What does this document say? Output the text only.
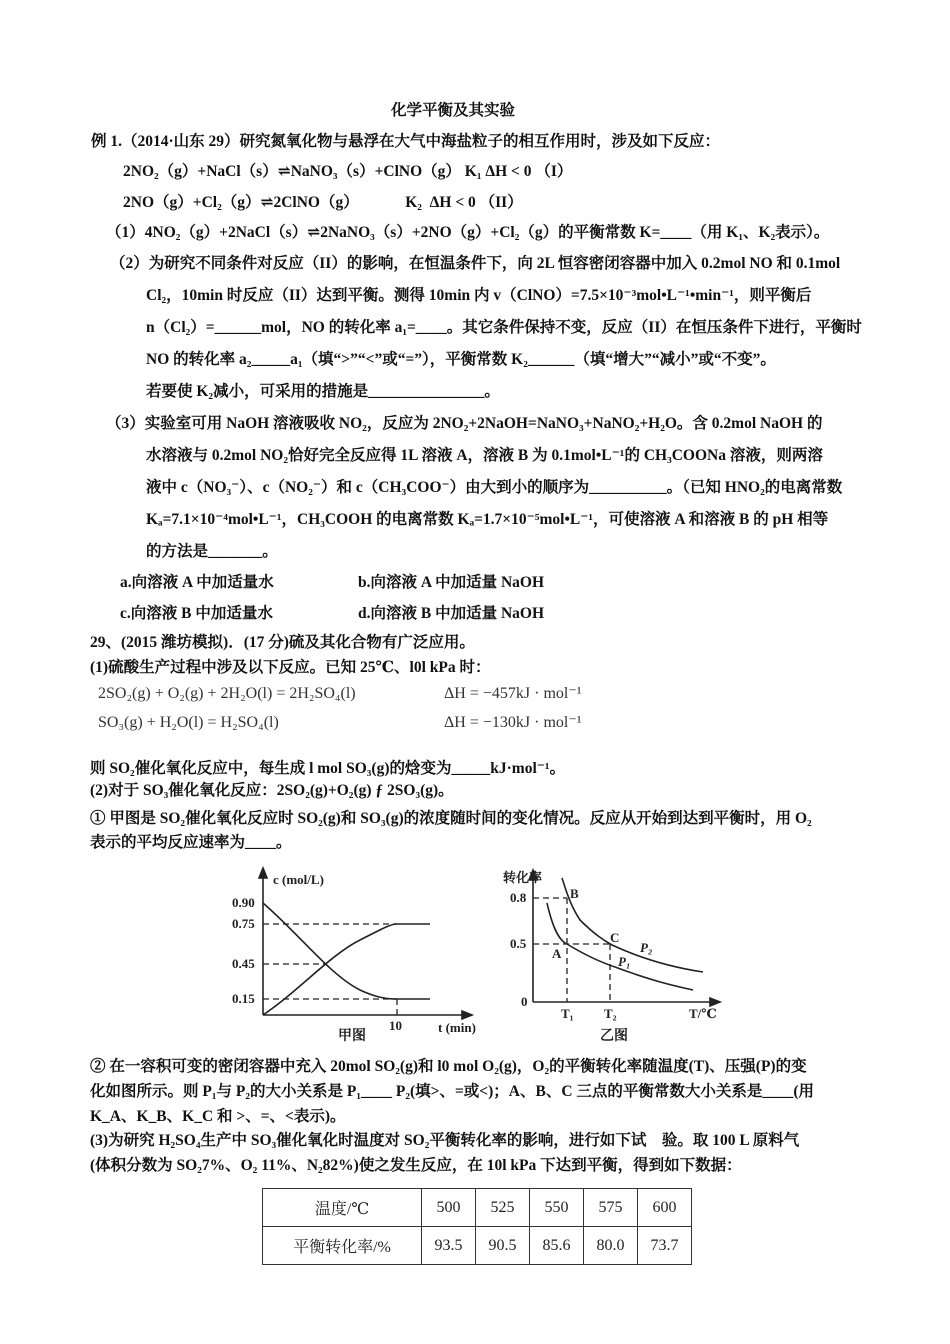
化学平衡及其实验
例 1.（2014·山东 29）研究氮氧化物与悬浮在大气中海盐粒子的相互作用时，涉及如下反应：
2NO₂（g）+NaCl（s）⇌NaNO₃（s）+ClNO（g） K₁ ΔH < 0 （I）
2NO（g）+Cl₂（g）⇌2ClNO（g）            K₂  ΔH < 0 （II）
（1）4NO₂（g）+2NaCl（s）⇌2NaNO₃（s）+2NO（g）+Cl₂（g）的平衡常数 K=____（用 K₁、K₂表示）。
（2）为研究不同条件对反应（II）的影响，在恒温条件下，向 2L 恒容密闭容器中加入 0.2mol NO 和 0.1mol
Cl₂，10min 时反应（II）达到平衡。测得 10min 内 v（ClNO）=7.5×10⁻³mol•L⁻¹•min⁻¹，则平衡后
n（Cl₂）=______mol，NO 的转化率 a₁=____。其它条件保持不变，反应（II）在恒压条件下进行，平衡时
NO 的转化率 a₂_____a₁（填“>”“<”或“=”），平衡常数 K₂______（填“增大”“减小”或“不变”。
若要使 K₂减小，可采用的措施是_______________。
（3）实验室可用 NaOH 溶液吸收 NO₂，反应为 2NO₂+2NaOH=NaNO₃+NaNO₂+H₂O。含 0.2mol NaOH 的
水溶液与 0.2mol NO₂恰好完全反应得 1L 溶液 A，溶液 B 为 0.1mol•L⁻¹的 CH₃COONa 溶液，则两溶
液中 c（NO₃⁻）、c（NO₂⁻）和 c（CH₃COO⁻）由大到小的顺序为__________。（已知 HNO₂的电离常数
Kₐ=7.1×10⁻⁴mol•L⁻¹，CH₃COOH 的电离常数 Kₐ=1.7×10⁻⁵mol•L⁻¹，可使溶液 A 和溶液 B 的 pH 相等
的方法是_______。
a.向溶液 A 中加适量水	b.向溶液 A 中加适量 NaOH
c.向溶液 B 中加适量水	d.向溶液 B 中加适量 NaOH
29、(2015 潍坊模拟)．(17 分)硫及其化合物有广泛应用。
(1)硫酸生产过程中涉及以下反应。已知 25℃、l0l kPa 时：
2SO₂(g) + O₂(g) + 2H₂O(l) = 2H₂SO₄(l)	ΔH = −457kJ · mol⁻¹
SO₃(g) + H₂O(l) = H₂SO₄(l)	ΔH = −130kJ · mol⁻¹
则 SO₂催化氧化反应中，每生成 l mol SO₃(g)的焓变为_____kJ·mol⁻¹。
(2)对于 SO₃催化氧化反应：2SO₂(g)+O₂(g) ƒ 2SO₃(g)。
① 甲图是 SO₂催化氧化反应时 SO₂(g)和 SO₃(g)的浓度随时间的变化情况。反应从开始到达到平衡时，用 O₂
表示的平均反应速率为____。
c (mol/L)
0.90
0.75
0.45
0.15
10	t (min)
甲图
转化率
0.8
0.5
0
T₁ T₂	T/℃
A
B
C
P₁
P₂
乙图
② 在一容积可变的密闭容器中充入 20mol SO₂(g)和 l0 mol O₂(g)，O₂的平衡转化率随温度(T)、压强(P)的变
化如图所示。则 P₁与 P₂的大小关系是 P₁____ P₂(填>、=或<)；A、B、C 三点的平衡常数大小关系是____(用
K_A、K_B、K_C 和 >、=、<表示)。
(3)为研究 H₂SO₄生产中 SO₃催化氧化时温度对 SO₂平衡转化率的影响，进行如下试　验。取 100 L 原料气
(体积分数为 SO₂7%、O₂ 11%、N₂82%)使之发生反应，在 10l kPa 下达到平衡，得到如下数据：
温度/℃	500	525	550	575	600
平衡转化率/%	93.5	90.5	85.6	80.0	73.7
